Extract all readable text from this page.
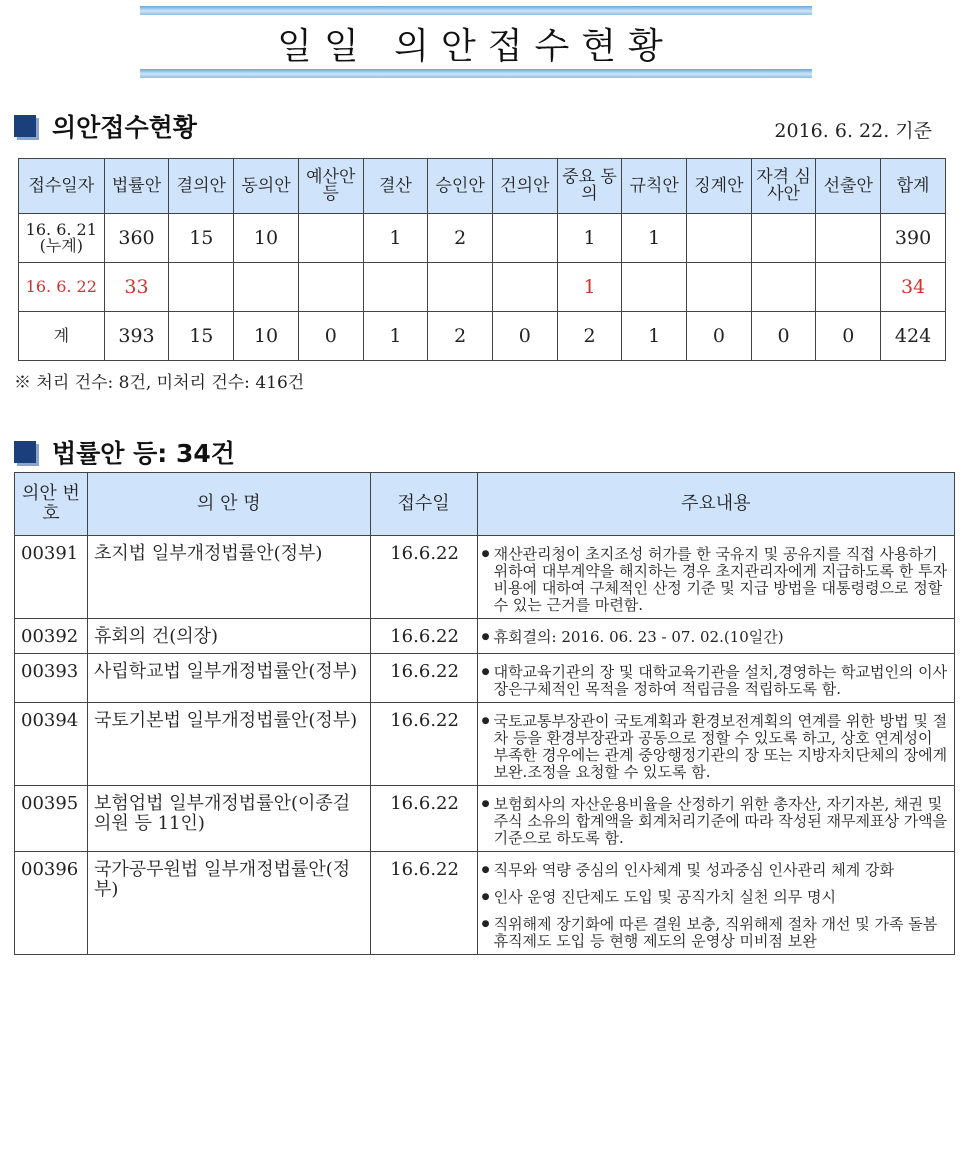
일일 의안접수현황
의안접수현황	2016. 6. 22. 기준
접수일자	법률안	결의안	동의안	예산안 등	결산	승인안	건의안	중요 동의	규칙안	징계안	자격 심사안	선출안	합계
16. 6. 21 (누계)	360	15	10		1	2		1	1				390
16. 6. 22	33							1					34
계	393	15	10	0	1	2	0	2	1	0	0	0	424
※ 처리 건수: 8건, 미처리 건수: 416건
법률안 등: 34건
의안 번호	의 안 명	접수일	주요내용
00391	초지법 일부개정법률안(정부)	16.6.22	● 재산관리청이 초지조성 허가를 한 국유지 및 공유지를 직접 사용하기 위하여 대부계약을 해지하는 경우 초지관리자에게 지급하도록 한 투자비용에 대하여 구체적인 산정 기준 및 지급 방법을 대통령령으로 정할 수 있는 근거를 마련함.

00392	휴회의 건(의장)	16.6.22	● 휴회결의: 2016. 06. 23 - 07. 02.(10일간)

00393	사립학교법 일부개정법률안(정부)	16.6.22	● 대학교육기관의 장 및 대학교육기관을 설치,경영하는 학교법인의 이사장은구체적인 목적을 정하여 적립금을 적립하도록 함.

00394	국토기본법 일부개정법률안(정부)	16.6.22	● 국토교통부장관이 국토계획과 환경보전계획의 연계를 위한 방법 및 절차 등을 환경부장관과 공동으로 정할 수 있도록 하고, 상호 연계성이 부족한 경우에는 관계 중앙행정기관의 장 또는 지방자치단체의 장에게 보완.조정을 요청할 수 있도록 함.

00395	보험업법 일부개정법률안(이종걸의원 등 11인)	16.6.22	● 보험회사의 자산운용비율을 산정하기 위한 총자산, 자기자본, 채권 및 주식 소유의 합계액을 회계처리기준에 따라 작성된 재무제표상 가액을 기준으로 하도록 함.

00396	국가공무원법 일부개정법률안(정부)	16.6.22	● 직무와 역량 중심의 인사체계 및 성과중심 인사관리 체계 강화
● 인사 운영 진단제도 도입 및 공직가치 실천 의무 명시
● 직위해제 장기화에 따른 결원 보충, 직위해제 절차 개선 및 가족 돌봄 휴직제도 도입 등 현행 제도의 운영상 미비점 보완
